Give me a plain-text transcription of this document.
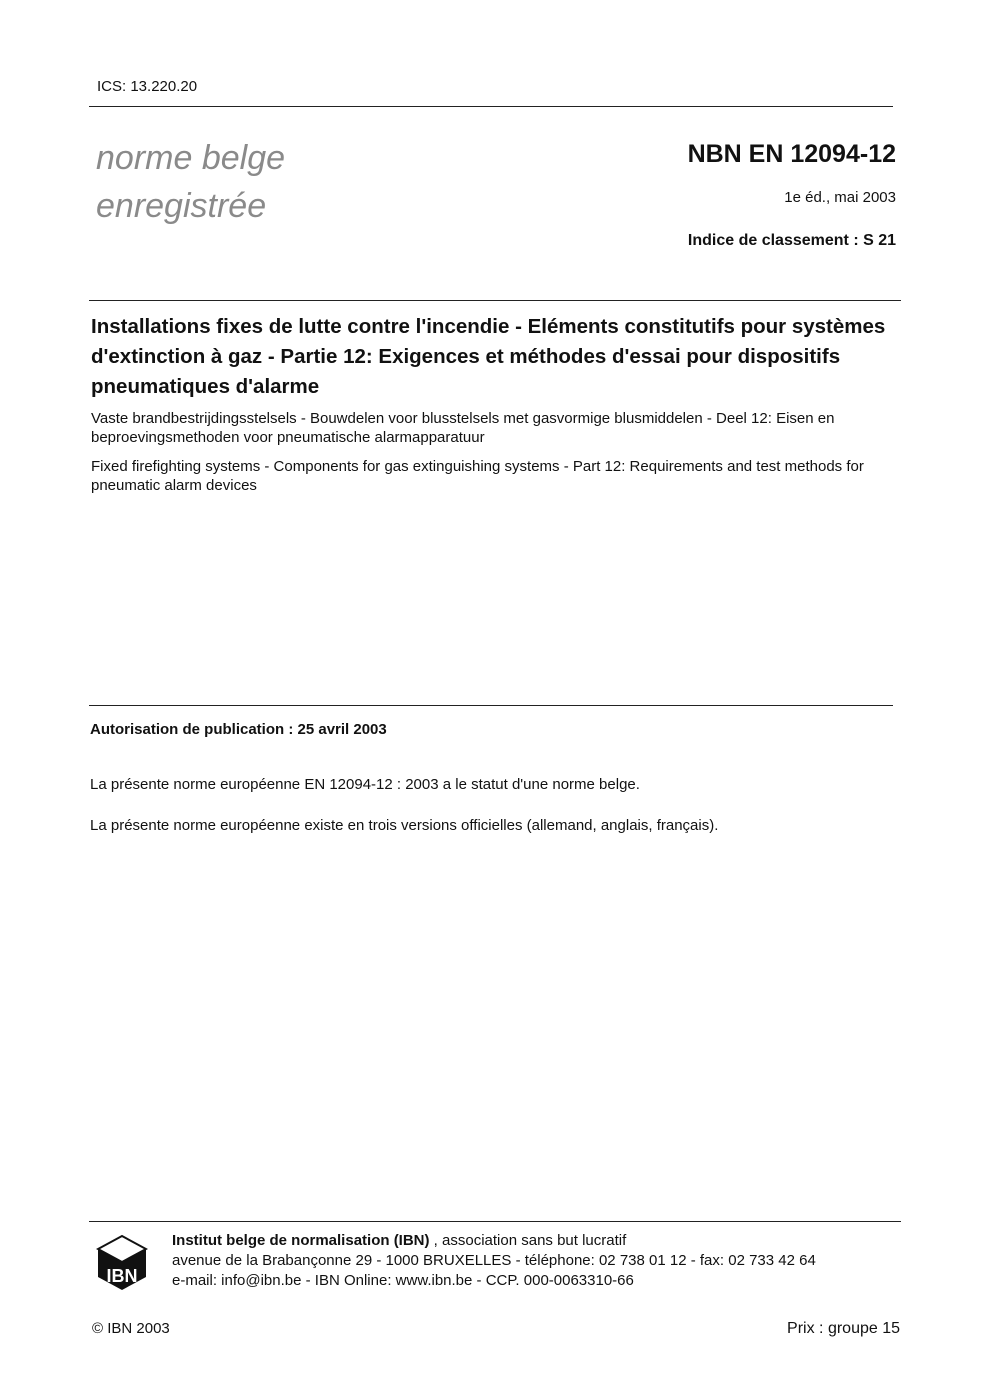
ICS: 13.220.20
norme belge
enregistrée
NBN EN 12094-12
1e éd., mai 2003
Indice de classement : S 21
Installations fixes de lutte contre l'incendie - Eléments constitutifs pour systèmes d'extinction à gaz - Partie 12: Exigences et méthodes d'essai pour dispositifs pneumatiques d'alarme
Vaste brandbestrijdingsstelsels - Bouwdelen voor blusstelsels met gasvormige blusmiddelen - Deel 12: Eisen en beproevingsmethoden voor pneumatische alarmapparatuur
Fixed firefighting systems - Components for gas extinguishing systems - Part 12: Requirements and test methods for pneumatic alarm devices
Autorisation de publication : 25 avril 2003
La présente norme européenne EN 12094-12 : 2003 a le statut d'une norme belge.
La présente norme européenne existe en trois versions officielles (allemand, anglais, français).
IBN
Institut belge de normalisation (IBN) , association sans but lucratif
avenue de la Brabançonne 29 - 1000 BRUXELLES - téléphone: 02 738 01 12 - fax: 02 733 42 64
e-mail: info@ibn.be - IBN Online: www.ibn.be - CCP. 000-0063310-66
© IBN 2003	Prix : groupe 15
